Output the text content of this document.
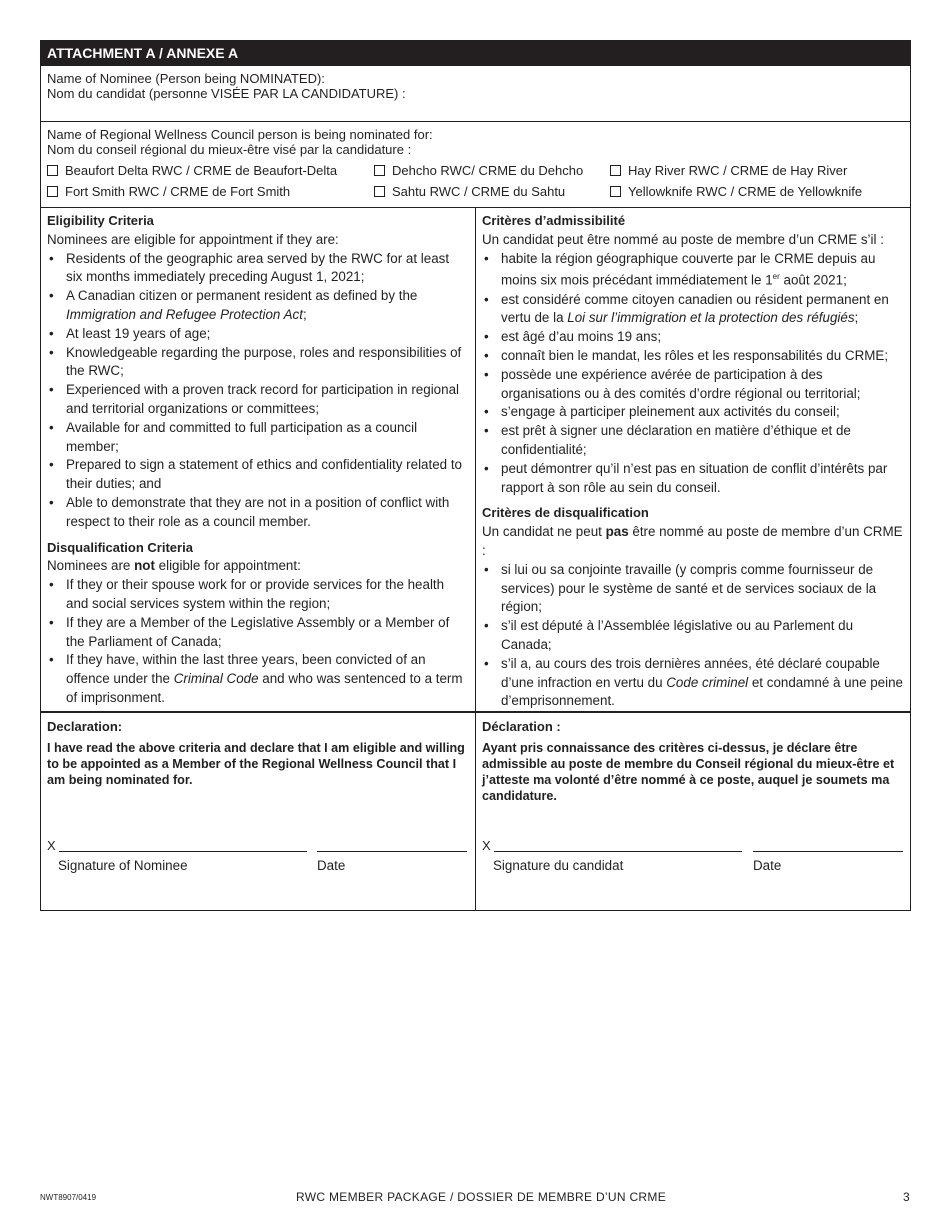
ATTACHMENT A / ANNEXE A
Name of Nominee (Person being NOMINATED):
Nom du candidat (personne VISÉE PAR LA CANDIDATURE) :
Name of Regional Wellness Council person is being nominated for:
Nom du conseil régional du mieux-être visé par la candidature :
Beaufort Delta RWC / CRME de Beaufort-Delta	Dehcho RWC/ CRME du Dehcho	Hay River RWC / CRME de Hay River
Fort Smith RWC / CRME de Fort Smith	Sahtu RWC / CRME du Sahtu	Yellowknife RWC / CRME de Yellowknife
Eligibility Criteria
Nominees are eligible for appointment if they are:
• Residents of the geographic area served by the RWC for at least six months immediately preceding August 1, 2021;
• A Canadian citizen or permanent resident as defined by the Immigration and Refugee Protection Act;
• At least 19 years of age;
• Knowledgeable regarding the purpose, roles and responsibilities of the RWC;
• Experienced with a proven track record for participation in regional and territorial organizations or committees;
• Available for and committed to full participation as a council member;
• Prepared to sign a statement of ethics and confidentiality related to their duties; and
• Able to demonstrate that they are not in a position of conflict with respect to their role as a council member.
Disqualification Criteria
Nominees are not eligible for appointment:
• If they or their spouse work for or provide services for the health and social services system within the region;
• If they are a Member of the Legislative Assembly or a Member of the Parliament of Canada;
• If they have, within the last three years, been convicted of an offence under the Criminal Code and who was sentenced to a term of imprisonment.
Critères d’admissibilité
Un candidat peut être nommé au poste de membre d’un CRME s’il :
• habite la région géographique couverte par le CRME depuis au moins six mois précédant immédiatement le 1er août 2021;
• est considéré comme citoyen canadien ou résident permanent en vertu de la Loi sur l’immigration et la protection des réfugiés;
• est âgé d’au moins 19 ans;
• connaît bien le mandat, les rôles et les responsabilités du CRME;
• possède une expérience avérée de participation à des organisations ou à des comités d’ordre régional ou territorial;
• s’engage à participer pleinement aux activités du conseil;
• est prêt à signer une déclaration en matière d’éthique et de confidentialité;
• peut démontrer qu’il n’est pas en situation de conflit d’intérêts par rapport à son rôle au sein du conseil.
Critères de disqualification
Un candidat ne peut pas être nommé au poste de membre d’un CRME :
• si lui ou sa conjointe travaille (y compris comme fournisseur de services) pour le système de santé et de services sociaux de la région;
• s’il est député à l’Assemblée législative ou au Parlement du Canada;
• s’il a, au cours des trois dernières années, été déclaré coupable d’une infraction en vertu du Code criminel et condamné à une peine d’emprisonnement.
Declaration:
I have read the above criteria and declare that I am eligible and willing to be appointed as a Member of the Regional Wellness Council that I am being nominated for.
X
Signature of Nominee	Date
Déclaration :
Ayant pris connaissance des critères ci-dessus, je déclare être admissible au poste de membre du Conseil régional du mieux-être et j’atteste ma volonté d’être nommé à ce poste, auquel je soumets ma candidature.
X
Signature du candidat	Date
NWT8907/0419	RWC MEMBER PACKAGE / DOSSIER DE MEMBRE D’UN CRME	3
